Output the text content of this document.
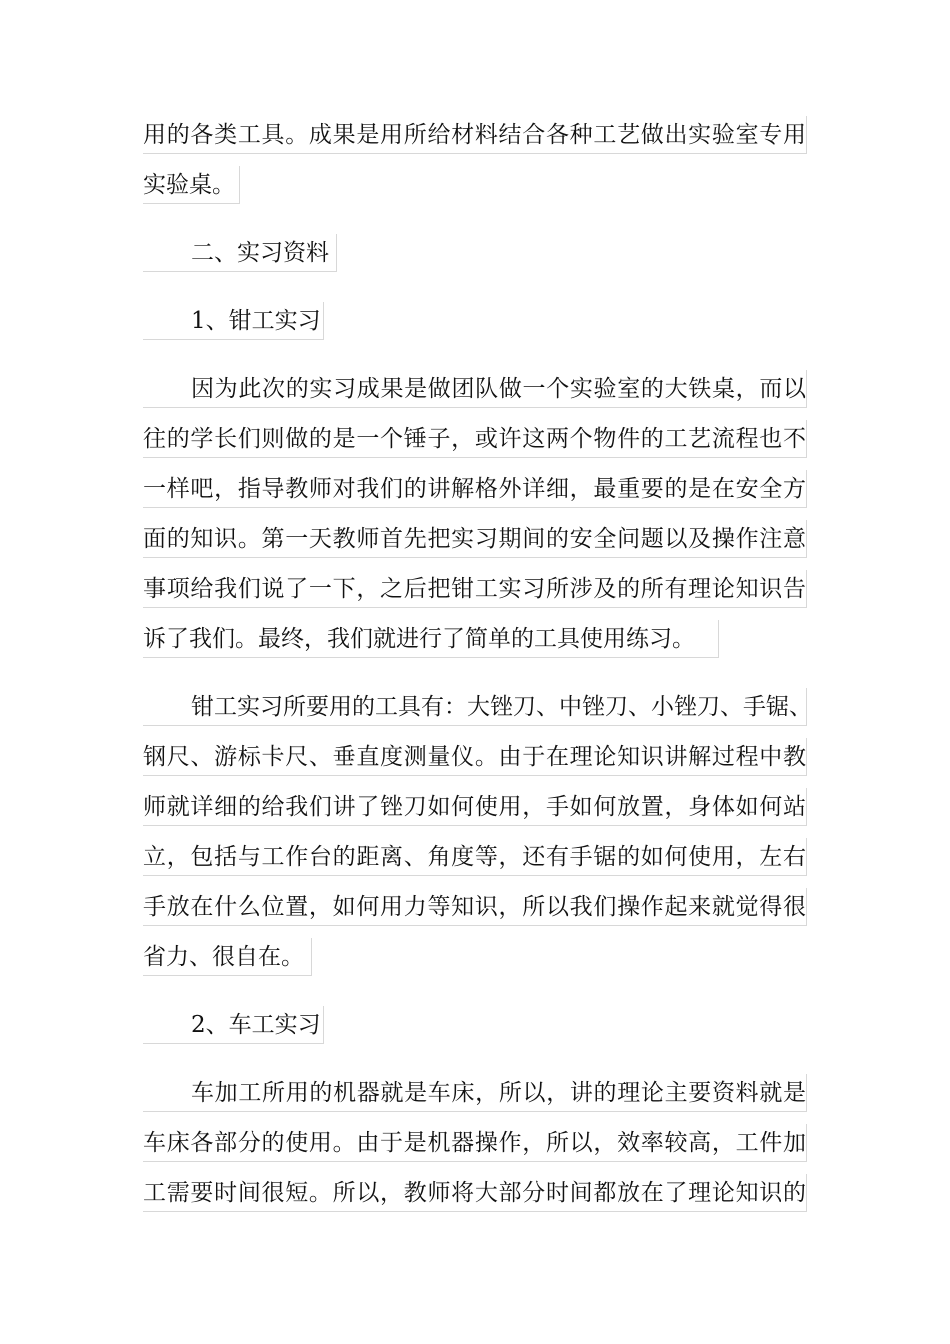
用的各类工具。成果是用所给材料结合各种工艺做出实验室专用
实验桌。
二、实习资料
1、钳工实习
因为此次的实习成果是做团队做一个实验室的大铁桌，而以
往的学长们则做的是一个锤子，或许这两个物件的工艺流程也不
一样吧，指导教师对我们的讲解格外详细，最重要的是在安全方
面的知识。第一天教师首先把实习期间的安全问题以及操作注意
事项给我们说了一下，之后把钳工实习所涉及的所有理论知识告
诉了我们。最终，我们就进行了简单的工具使用练习。
钳工实习所要用的工具有：大锉刀、中锉刀、小锉刀、手锯、
钢尺、游标卡尺、垂直度测量仪。由于在理论知识讲解过程中教
师就详细的给我们讲了锉刀如何使用，手如何放置，身体如何站
立，包括与工作台的距离、角度等，还有手锯的如何使用，左右
手放在什么位置，如何用力等知识，所以我们操作起来就觉得很
省力、很自在。
2、车工实习
车加工所用的机器就是车床，所以，讲的理论主要资料就是
车床各部分的使用。由于是机器操作，所以，效率较高，工件加
工需要时间很短。所以，教师将大部分时间都放在了理论知识的
